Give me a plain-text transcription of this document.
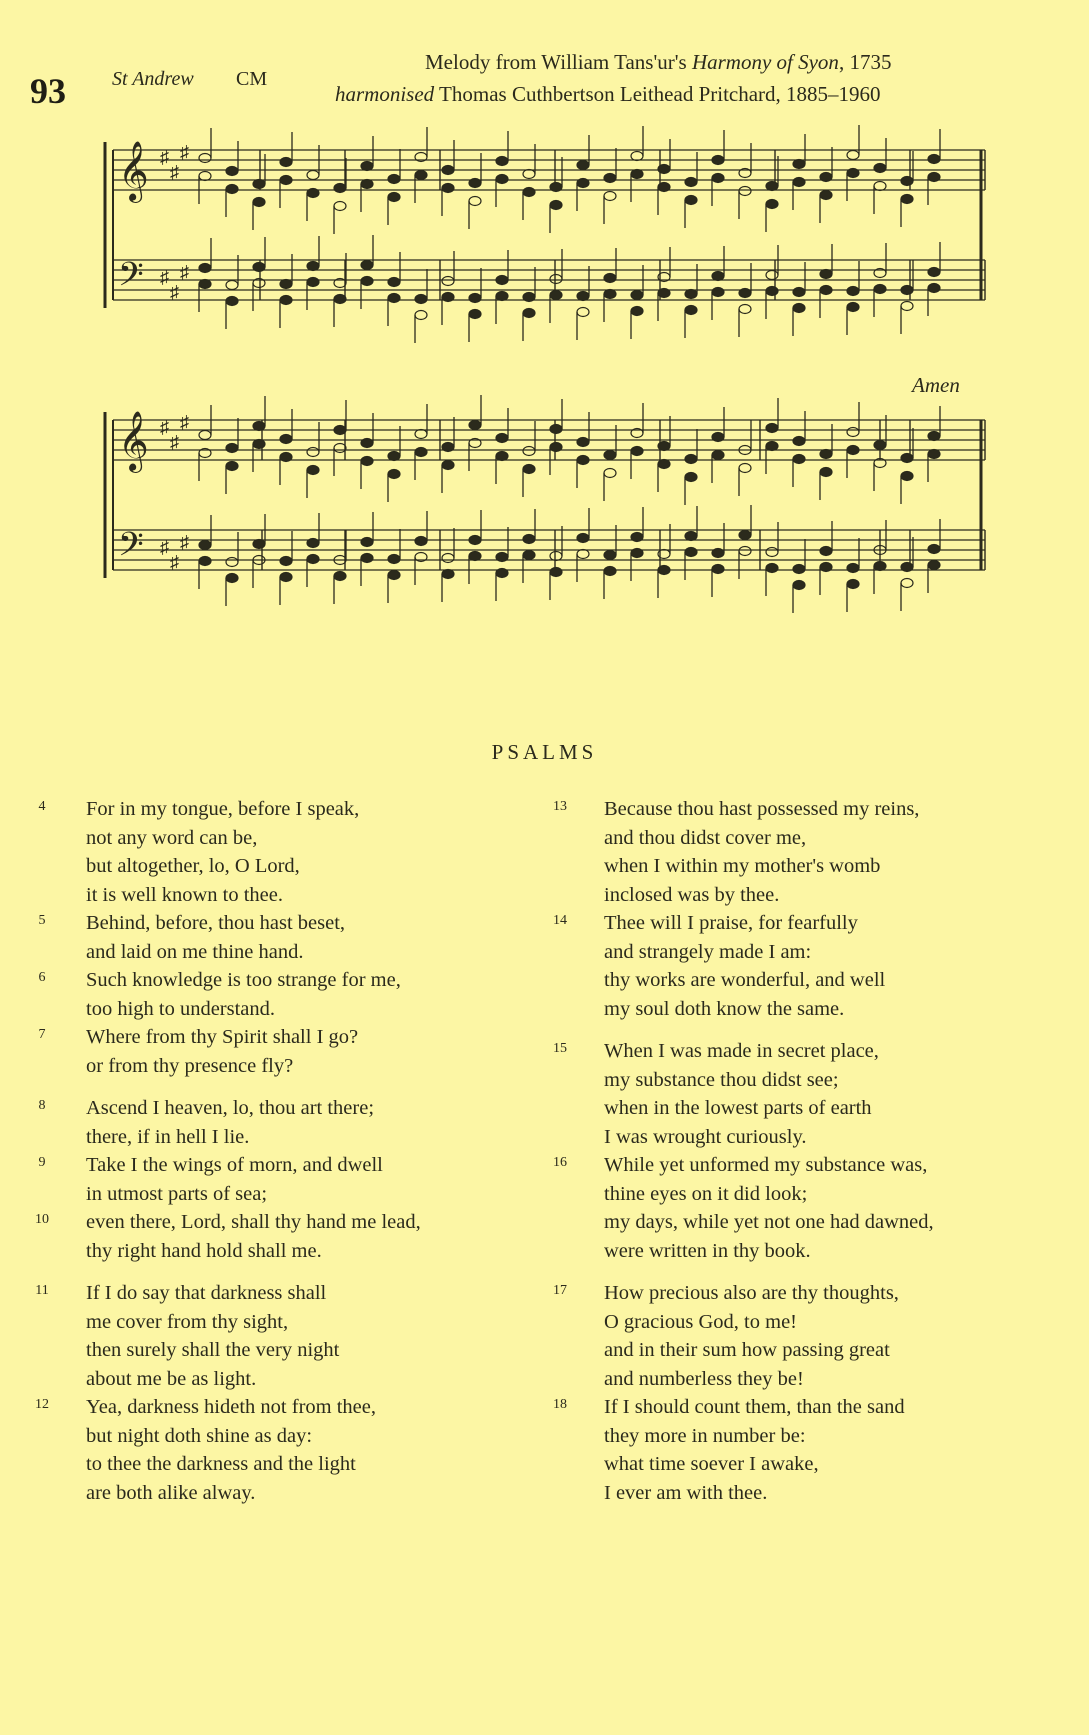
93 St Andrew CM
Melody from William Tans'ur's Harmony of Syon, 1735
harmonised Thomas Cuthbertson Leithead Pritchard, 1885–1960
𝄞
𝄢
♯
♯
♯
♯
♯
♯
𝄞
𝄢
♯
♯
♯
♯
♯
♯
Amen
PSALMS
4	For in my tongue, before I speak,
not any word can be,
but altogether, lo, O Lord,
it is well known to thee.
5	Behind, before, thou hast beset,
and laid on me thine hand.
6	Such knowledge is too strange for me,
too high to understand.
7	Where from thy Spirit shall I go?
or from thy presence fly?
8	Ascend I heaven, lo, thou art there;
there, if in hell I lie.
9	Take I the wings of morn, and dwell
in utmost parts of sea;
10 even there, Lord, shall thy hand me lead,
thy right hand hold shall me.
11 If I do say that darkness shall
me cover from thy sight,
then surely shall the very night
about me be as light.
12 Yea, darkness hideth not from thee,
but night doth shine as day:
to thee the darkness and the light
are both alike alway.
13 Because thou hast possessed my reins,
and thou didst cover me,
when I within my mother's womb
inclosed was by thee.
14 Thee will I praise, for fearfully
and strangely made I am:
thy works are wonderful, and well
my soul doth know the same.
15 When I was made in secret place,
my substance thou didst see;
when in the lowest parts of earth
I was wrought curiously.
16 While yet unformed my substance was,
thine eyes on it did look;
my days, while yet not one had dawned,
were written in thy book.
17 How precious also are thy thoughts,
O gracious God, to me!
and in their sum how passing great
and numberless they be!
18 If I should count them, than the sand
they more in number be:
what time soever I awake,
I ever am with thee.
